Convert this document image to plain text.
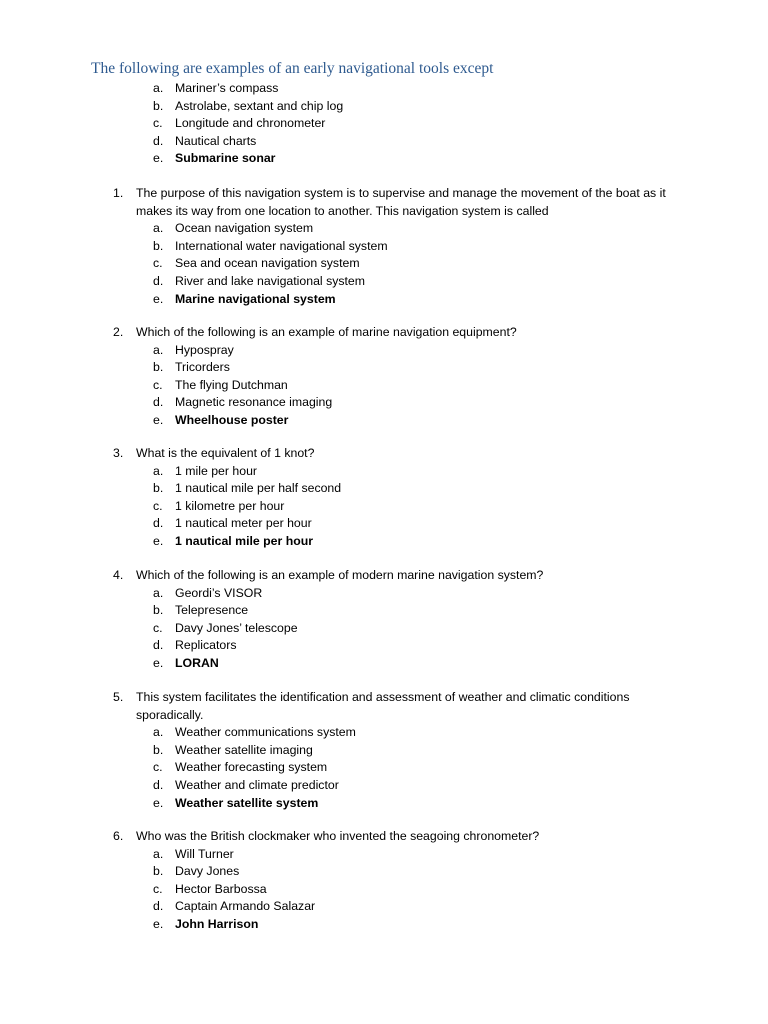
The following are examples of an early navigational tools except
a. Mariner’s compass
b. Astrolabe, sextant and chip log
c. Longitude and chronometer
d. Nautical charts
e. Submarine sonar
1.	The purpose of this navigation system is to supervise and manage the movement of the boat as it makes its way from one location to another. This navigation system is called
a. Ocean navigation system
b. International water navigational system
c. Sea and ocean navigation system
d. River and lake navigational system
e. Marine navigational system
2.	Which of the following is an example of marine navigation equipment?
a. Hypospray
b. Tricorders
c. The flying Dutchman
d. Magnetic resonance imaging
e. Wheelhouse poster
3.	What is the equivalent of 1 knot?
a. 1 mile per hour
b. 1 nautical mile per half second
c. 1 kilometre per hour
d. 1 nautical meter per hour
e. 1 nautical mile per hour
4.	Which of the following is an example of modern marine navigation system?
a. Geordi’s VISOR
b. Telepresence
c. Davy Jones’ telescope
d. Replicators
e. LORAN
5.	This system facilitates the identification and assessment of weather and climatic conditions sporadically.
a. Weather communications system
b. Weather satellite imaging
c. Weather forecasting system
d. Weather and climate predictor
e. Weather satellite system
6.	Who was the British clockmaker who invented the seagoing chronometer?
a. Will Turner
b. Davy Jones
c. Hector Barbossa
d. Captain Armando Salazar
e. John Harrison
